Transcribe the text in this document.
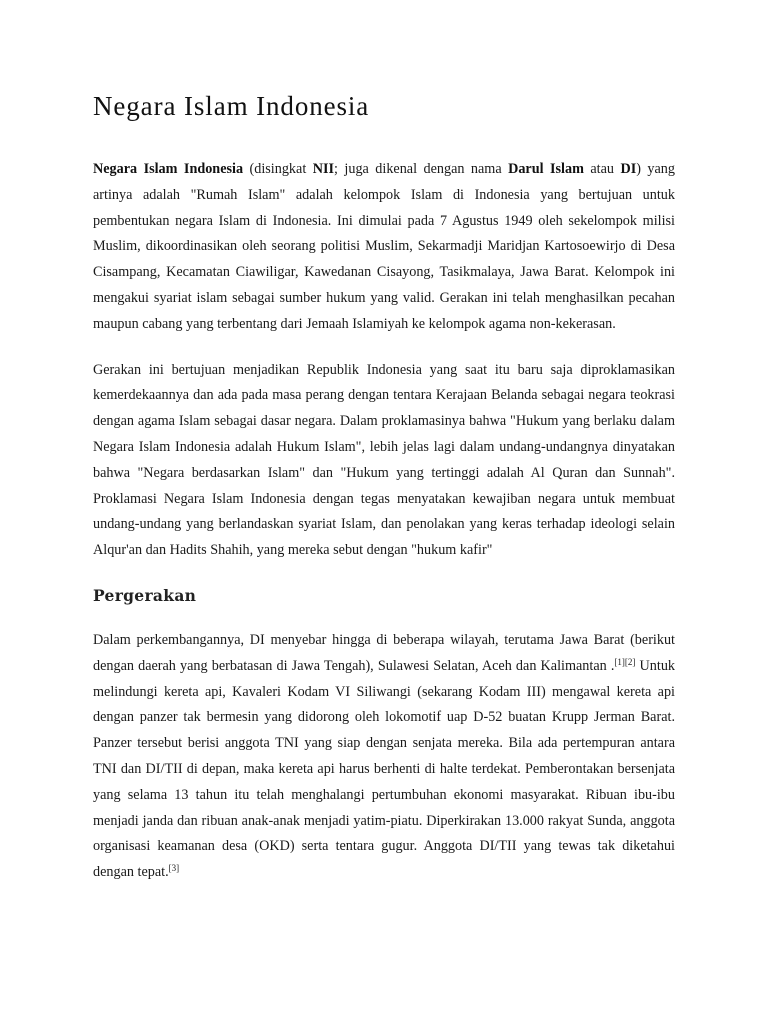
Negara Islam Indonesia

Negara Islam Indonesia (disingkat NII; juga dikenal dengan nama Darul Islam atau DI) yang artinya adalah "Rumah Islam" adalah kelompok Islam di Indonesia yang bertujuan untuk pembentukan negara Islam di Indonesia. Ini dimulai pada 7 Agustus 1949 oleh sekelompok milisi Muslim, dikoordinasikan oleh seorang politisi Muslim, Sekarmadji Maridjan Kartosoewirjo di Desa Cisampang, Kecamatan Ciawiligar, Kawedanan Cisayong, Tasikmalaya, Jawa Barat. Kelompok ini mengakui syariat islam sebagai sumber hukum yang valid. Gerakan ini telah menghasilkan pecahan maupun cabang yang terbentang dari Jemaah Islamiyah ke kelompok agama non-kekerasan.

Gerakan ini bertujuan menjadikan Republik Indonesia yang saat itu baru saja diproklamasikan kemerdekaannya dan ada pada masa perang dengan tentara Kerajaan Belanda sebagai negara teokrasi dengan agama Islam sebagai dasar negara. Dalam proklamasinya bahwa "Hukum yang berlaku dalam Negara Islam Indonesia adalah Hukum Islam", lebih jelas lagi dalam undang-undangnya dinyatakan bahwa "Negara berdasarkan Islam" dan "Hukum yang tertinggi adalah Al Quran dan Sunnah". Proklamasi Negara Islam Indonesia dengan tegas menyatakan kewajiban negara untuk membuat undang-undang yang berlandaskan syariat Islam, dan penolakan yang keras terhadap ideologi selain Alqur'an dan Hadits Shahih, yang mereka sebut dengan "hukum kafir"

Pergerakan

Dalam perkembangannya, DI menyebar hingga di beberapa wilayah, terutama Jawa Barat (berikut dengan daerah yang berbatasan di Jawa Tengah), Sulawesi Selatan, Aceh dan Kalimantan .[1][2] Untuk melindungi kereta api, Kavaleri Kodam VI Siliwangi (sekarang Kodam III) mengawal kereta api dengan panzer tak bermesin yang didorong oleh lokomotif uap D-52 buatan Krupp Jerman Barat. Panzer tersebut berisi anggota TNI yang siap dengan senjata mereka. Bila ada pertempuran antara TNI dan DI/TII di depan, maka kereta api harus berhenti di halte terdekat. Pemberontakan bersenjata yang selama 13 tahun itu telah menghalangi pertumbuhan ekonomi masyarakat. Ribuan ibu-ibu menjadi janda dan ribuan anak-anak menjadi yatim-piatu. Diperkirakan 13.000 rakyat Sunda, anggota organisasi keamanan desa (OKD) serta tentara gugur. Anggota DI/TII yang tewas tak diketahui dengan tepat.[3]
